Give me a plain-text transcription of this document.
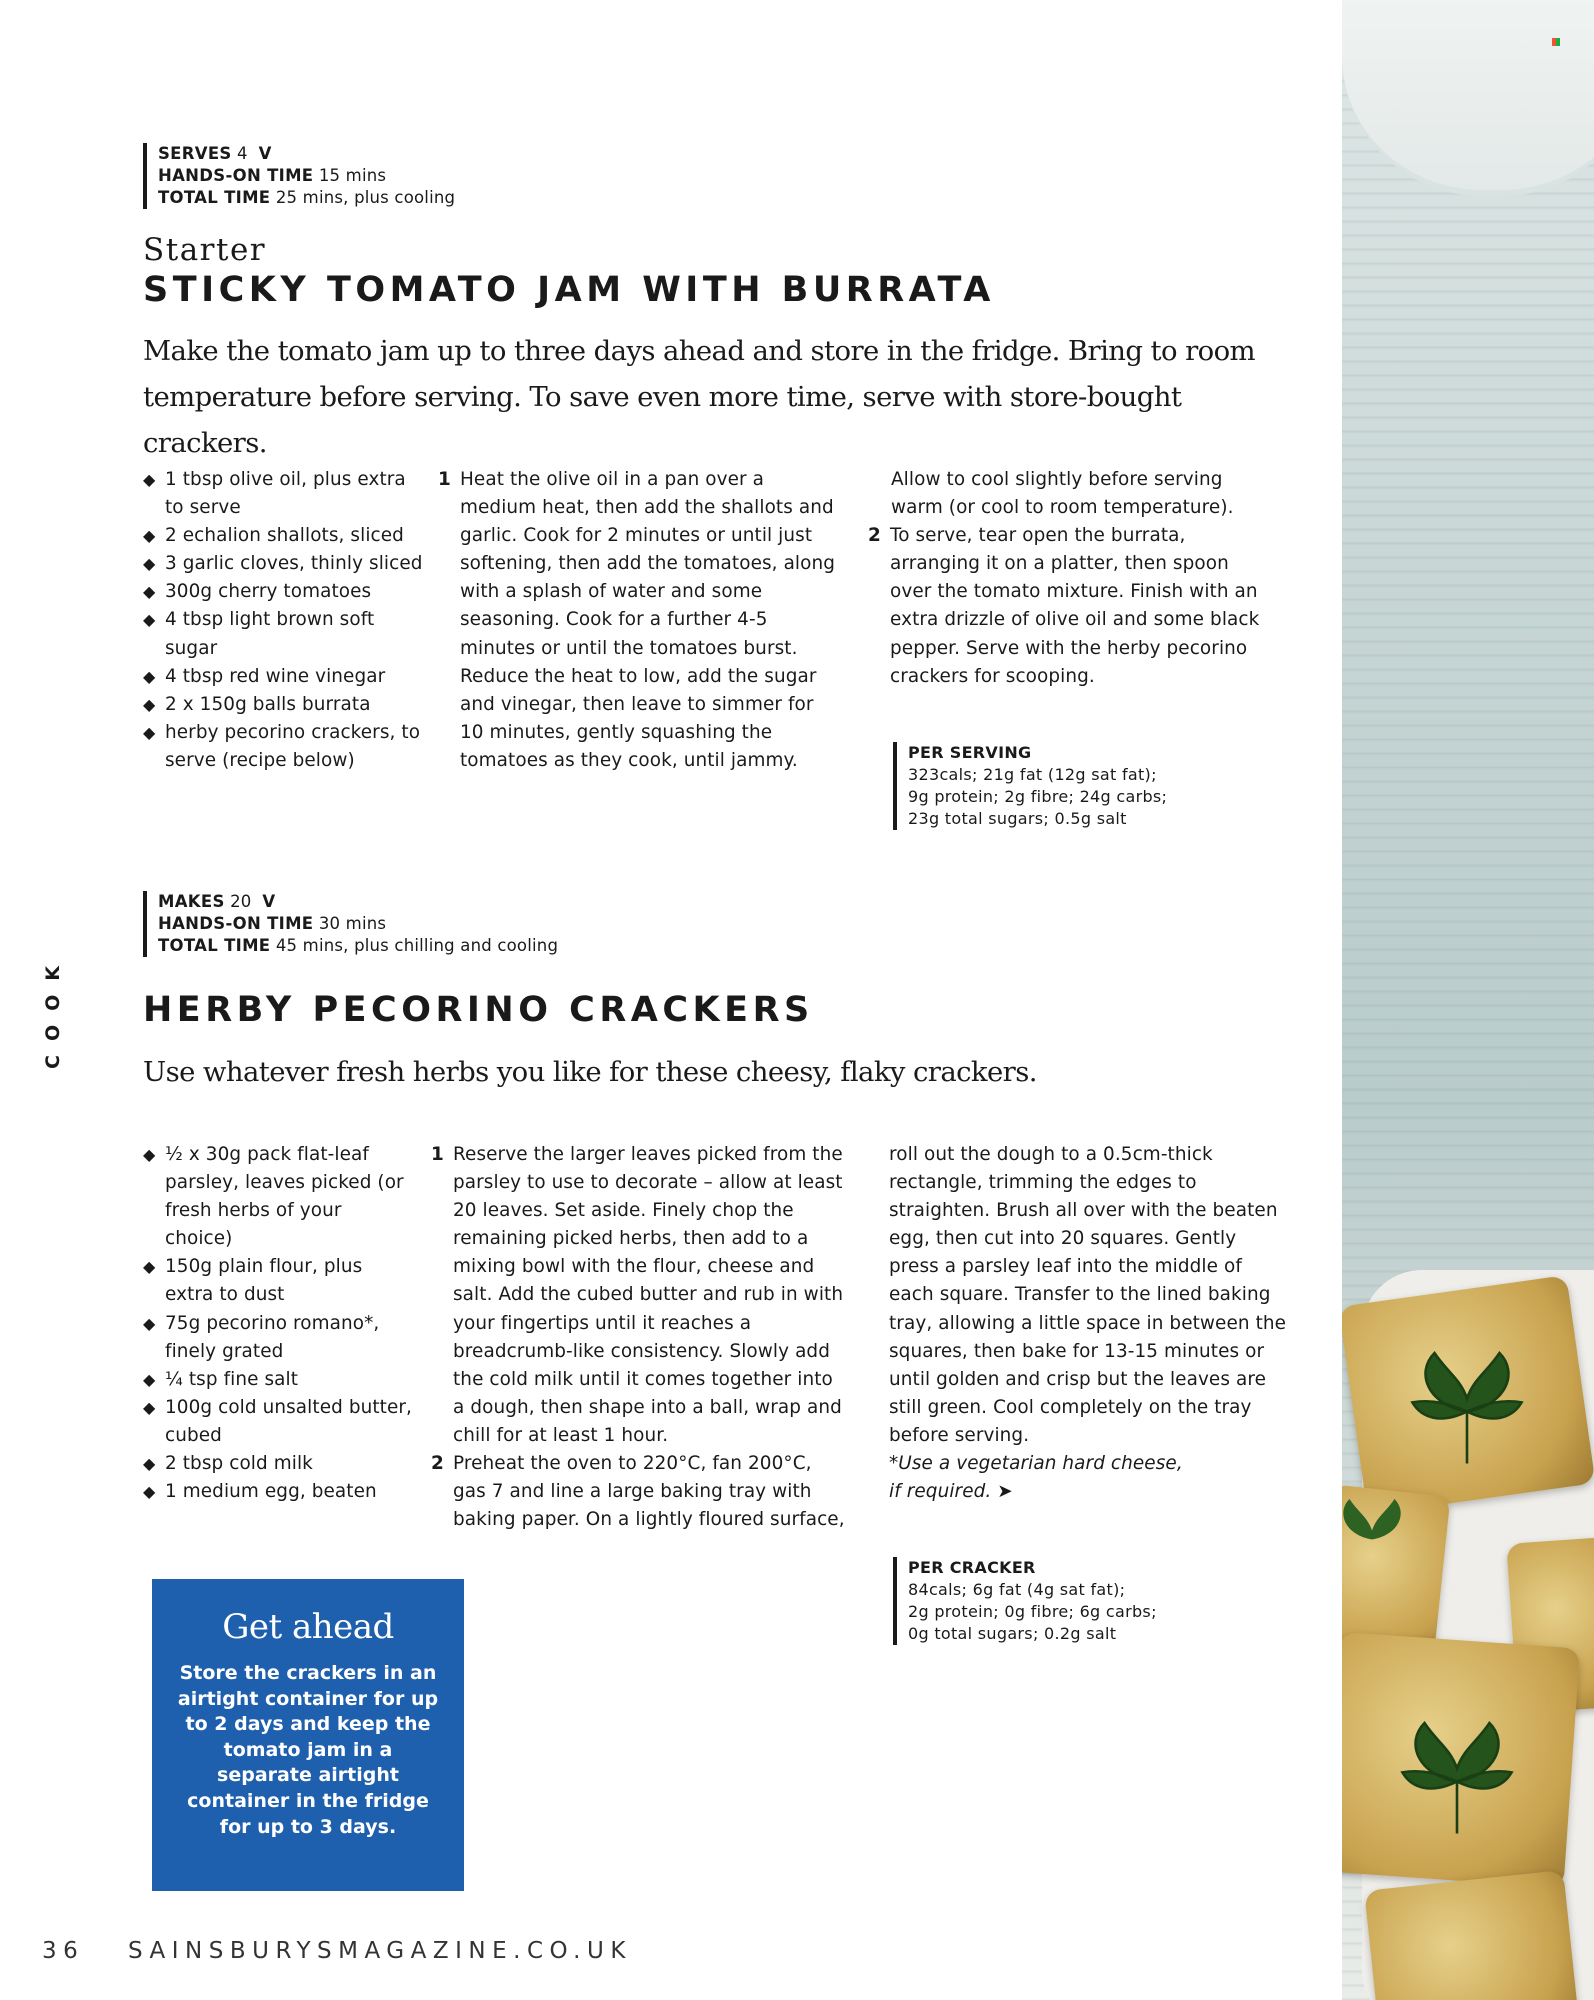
SERVES 4 V
HANDS-ON TIME 15 mins
TOTAL TIME 25 mins, plus cooling
Starter
STICKY TOMATO JAM WITH BURRATA
Make the tomato jam up to three days ahead and store in the fridge. Bring to room temperature before serving. To save even more time, serve with store-bought crackers.
◆ 1 tbsp olive oil, plus extra to serve
◆ 2 echalion shallots, sliced
◆ 3 garlic cloves, thinly sliced
◆ 300g cherry tomatoes
◆ 4 tbsp light brown soft sugar
◆ 4 tbsp red wine vinegar
◆ 2 x 150g balls burrata
◆ herby pecorino crackers, to serve (recipe below)
1 Heat the olive oil in a pan over a medium heat, then add the shallots and garlic. Cook for 2 minutes or until just softening, then add the tomatoes, along with a splash of water and some seasoning. Cook for a further 4-5 minutes or until the tomatoes burst. Reduce the heat to low, add the sugar and vinegar, then leave to simmer for 10 minutes, gently squashing the tomatoes as they cook, until jammy.

Allow to cool slightly before serving warm (or cool to room temperature).

2 To serve, tear open the burrata, arranging it on a platter, then spoon over the tomato mixture. Finish with an extra drizzle of olive oil and some black pepper. Serve with the herby pecorino crackers for scooping.

PER SERVING
323cals; 21g fat (12g sat fat);
9g protein; 2g fibre; 24g carbs;
23g total sugars; 0.5g salt
COOK
MAKES 20 V
HANDS-ON TIME 30 mins
TOTAL TIME 45 mins, plus chilling and cooling
HERBY PECORINO CRACKERS
Use whatever fresh herbs you like for these cheesy, flaky crackers.
◆ ½ x 30g pack flat-leaf parsley, leaves picked (or fresh herbs of your choice)
◆ 150g plain flour, plus extra to dust
◆ 75g pecorino romano*, finely grated
◆ ¼ tsp fine salt
◆ 100g cold unsalted butter, cubed
◆ 2 tbsp cold milk
◆ 1 medium egg, beaten
1 Reserve the larger leaves picked from the parsley to use to decorate – allow at least 20 leaves. Set aside. Finely chop the remaining picked herbs, then add to a mixing bowl with the flour, cheese and salt. Add the cubed butter and rub in with your fingertips until it reaches a breadcrumb-like consistency. Slowly add the cold milk until it comes together into a dough, then shape into a ball, wrap and chill for at least 1 hour.

2 Preheat the oven to 220°C, fan 200°C, gas 7 and line a large baking tray with baking paper. On a lightly floured surface,

roll out the dough to a 0.5cm-thick rectangle, trimming the edges to straighten. Brush all over with the beaten egg, then cut into 20 squares. Gently press a parsley leaf into the middle of each square. Transfer to the lined baking tray, allowing a little space in between the squares, then bake for 13-15 minutes or until golden and crisp but the leaves are still green. Cool completely on the tray before serving.

*Use a vegetarian hard cheese, if required. ➤

PER CRACKER
84cals; 6g fat (4g sat fat);
2g protein; 0g fibre; 6g carbs;
0g total sugars; 0.2g salt
Get ahead
Store the crackers in an airtight container for up to 2 days and keep the tomato jam in a separate airtight container in the fridge for up to 3 days.
36 SAINSBURYSMAGAZINE.CO.UK
